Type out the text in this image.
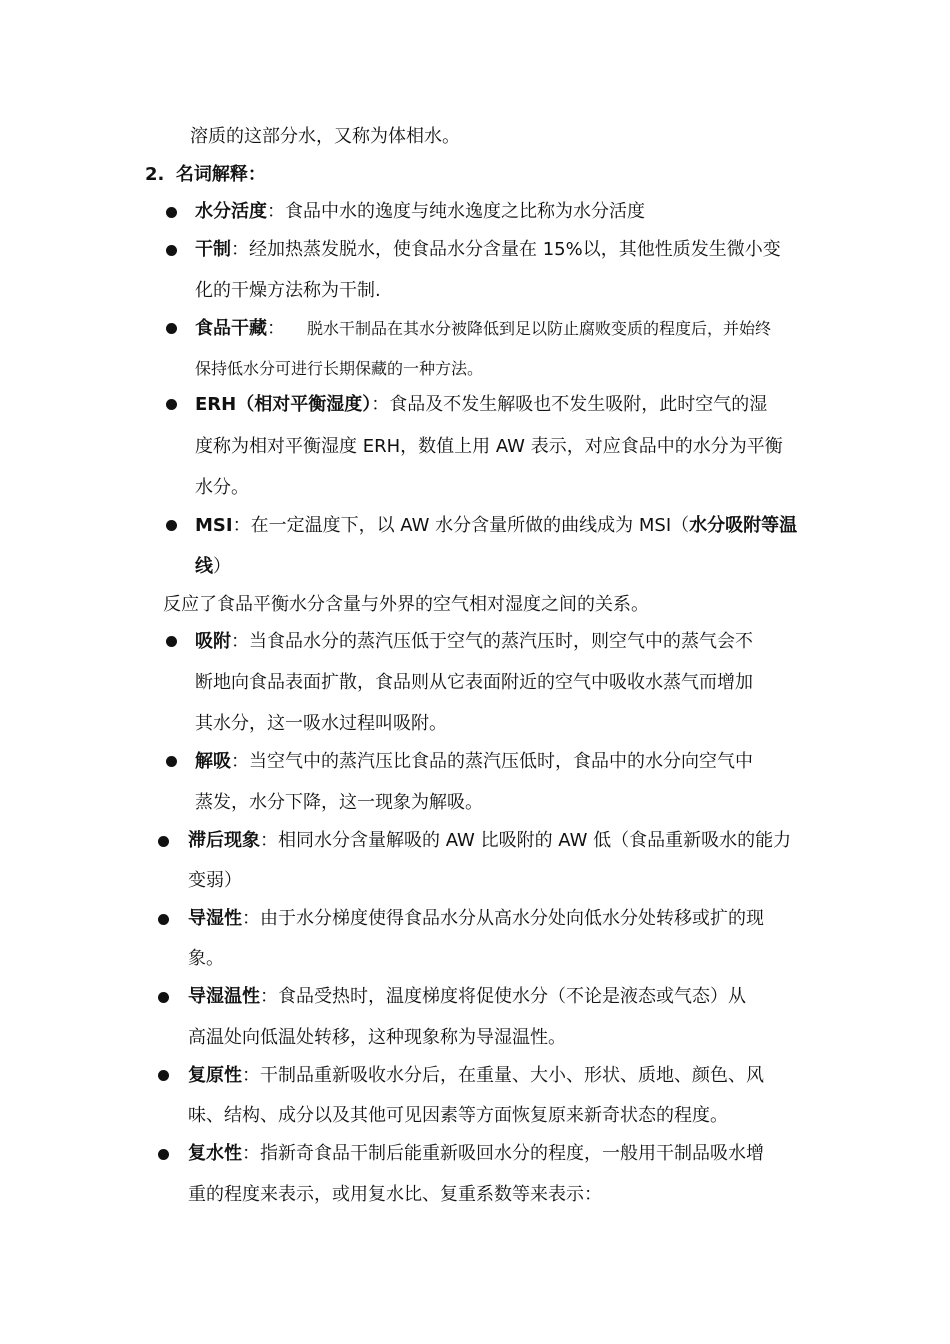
溶质的这部分水，又称为体相水。
2. 名词解释：
水分活度：食品中水的逸度与纯水逸度之比称为水分活度
干制：经加热蒸发脱水，使食品水分含量在 15%以，其他性质发生微小变
化的干燥方法称为干制.
食品干藏： 脱水干制品在其水分被降低到足以防止腐败变质的程度后，并始终
保持低水分可进行长期保藏的一种方法。
ERH（相对平衡湿度）：食品及不发生解吸也不发生吸附，此时空气的湿
度称为相对平衡湿度 ERH，数值上用 AW 表示，对应食品中的水分为平衡
水分。
MSI：在一定温度下，以 AW 水分含量所做的曲线成为 MSI（水分吸附等温
线）
反应了食品平衡水分含量与外界的空气相对湿度之间的关系。
吸附：当食品水分的蒸汽压低于空气的蒸汽压时，则空气中的蒸气会不
断地向食品表面扩散，食品则从它表面附近的空气中吸收水蒸气而增加
其水分，这一吸水过程叫吸附。
解吸：当空气中的蒸汽压比食品的蒸汽压低时，食品中的水分向空气中
蒸发，水分下降，这一现象为解吸。
滞后现象：相同水分含量解吸的 AW 比吸附的 AW 低（食品重新吸水的能力
变弱）
导湿性：由于水分梯度使得食品水分从高水分处向低水分处转移或扩的现
象。
导湿温性：食品受热时，温度梯度将促使水分（不论是液态或气态）从
高温处向低温处转移，这种现象称为导湿温性。
复原性：干制品重新吸收水分后，在重量、大小、形状、质地、颜色、风
味、结构、成分以及其他可见因素等方面恢复原来新奇状态的程度。
复水性：指新奇食品干制后能重新吸回水分的程度，一般用干制品吸水增
重的程度来表示，或用复水比、复重系数等来表示：
